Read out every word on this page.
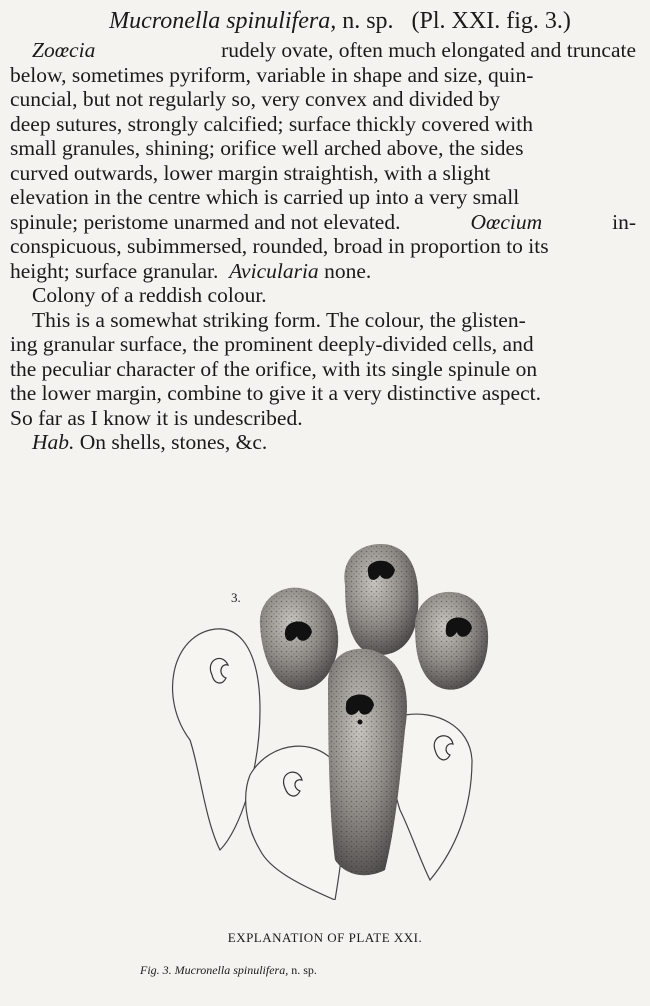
Mucronella spinulifera, n. sp. (Pl. XXI. fig. 3.)
Zoœcia	rudely ovate, often much elongated and truncate
below, sometimes pyriform, variable in shape and size, quin-
cuncial, but not regularly so, very convex and divided by
deep sutures, strongly calcified; surface thickly covered with
small granules, shining; orifice well arched above, the sides
curved outwards, lower margin straightish, with a slight
elevation in the centre which is carried up into a very small
spinule; peristome unarmed and not elevated.	Oœcium	in-
conspicuous, subimmersed, rounded, broad in proportion to its
height; surface granular.
Avicularia
none.
Colony of a reddish colour.
This is a somewhat striking form. The colour, the glisten-
ing granular surface, the prominent deeply-divided cells, and
the peculiar character of the orifice, with its single spinule on
the lower margin, combine to give it a very distinctive aspect.
So far as I know it is undescribed.
Hab.
On shells, stones, &c.
3.
EXPLANATION OF PLATE XXI.
Fig. 3. Mucronella spinulifera, n. sp.
